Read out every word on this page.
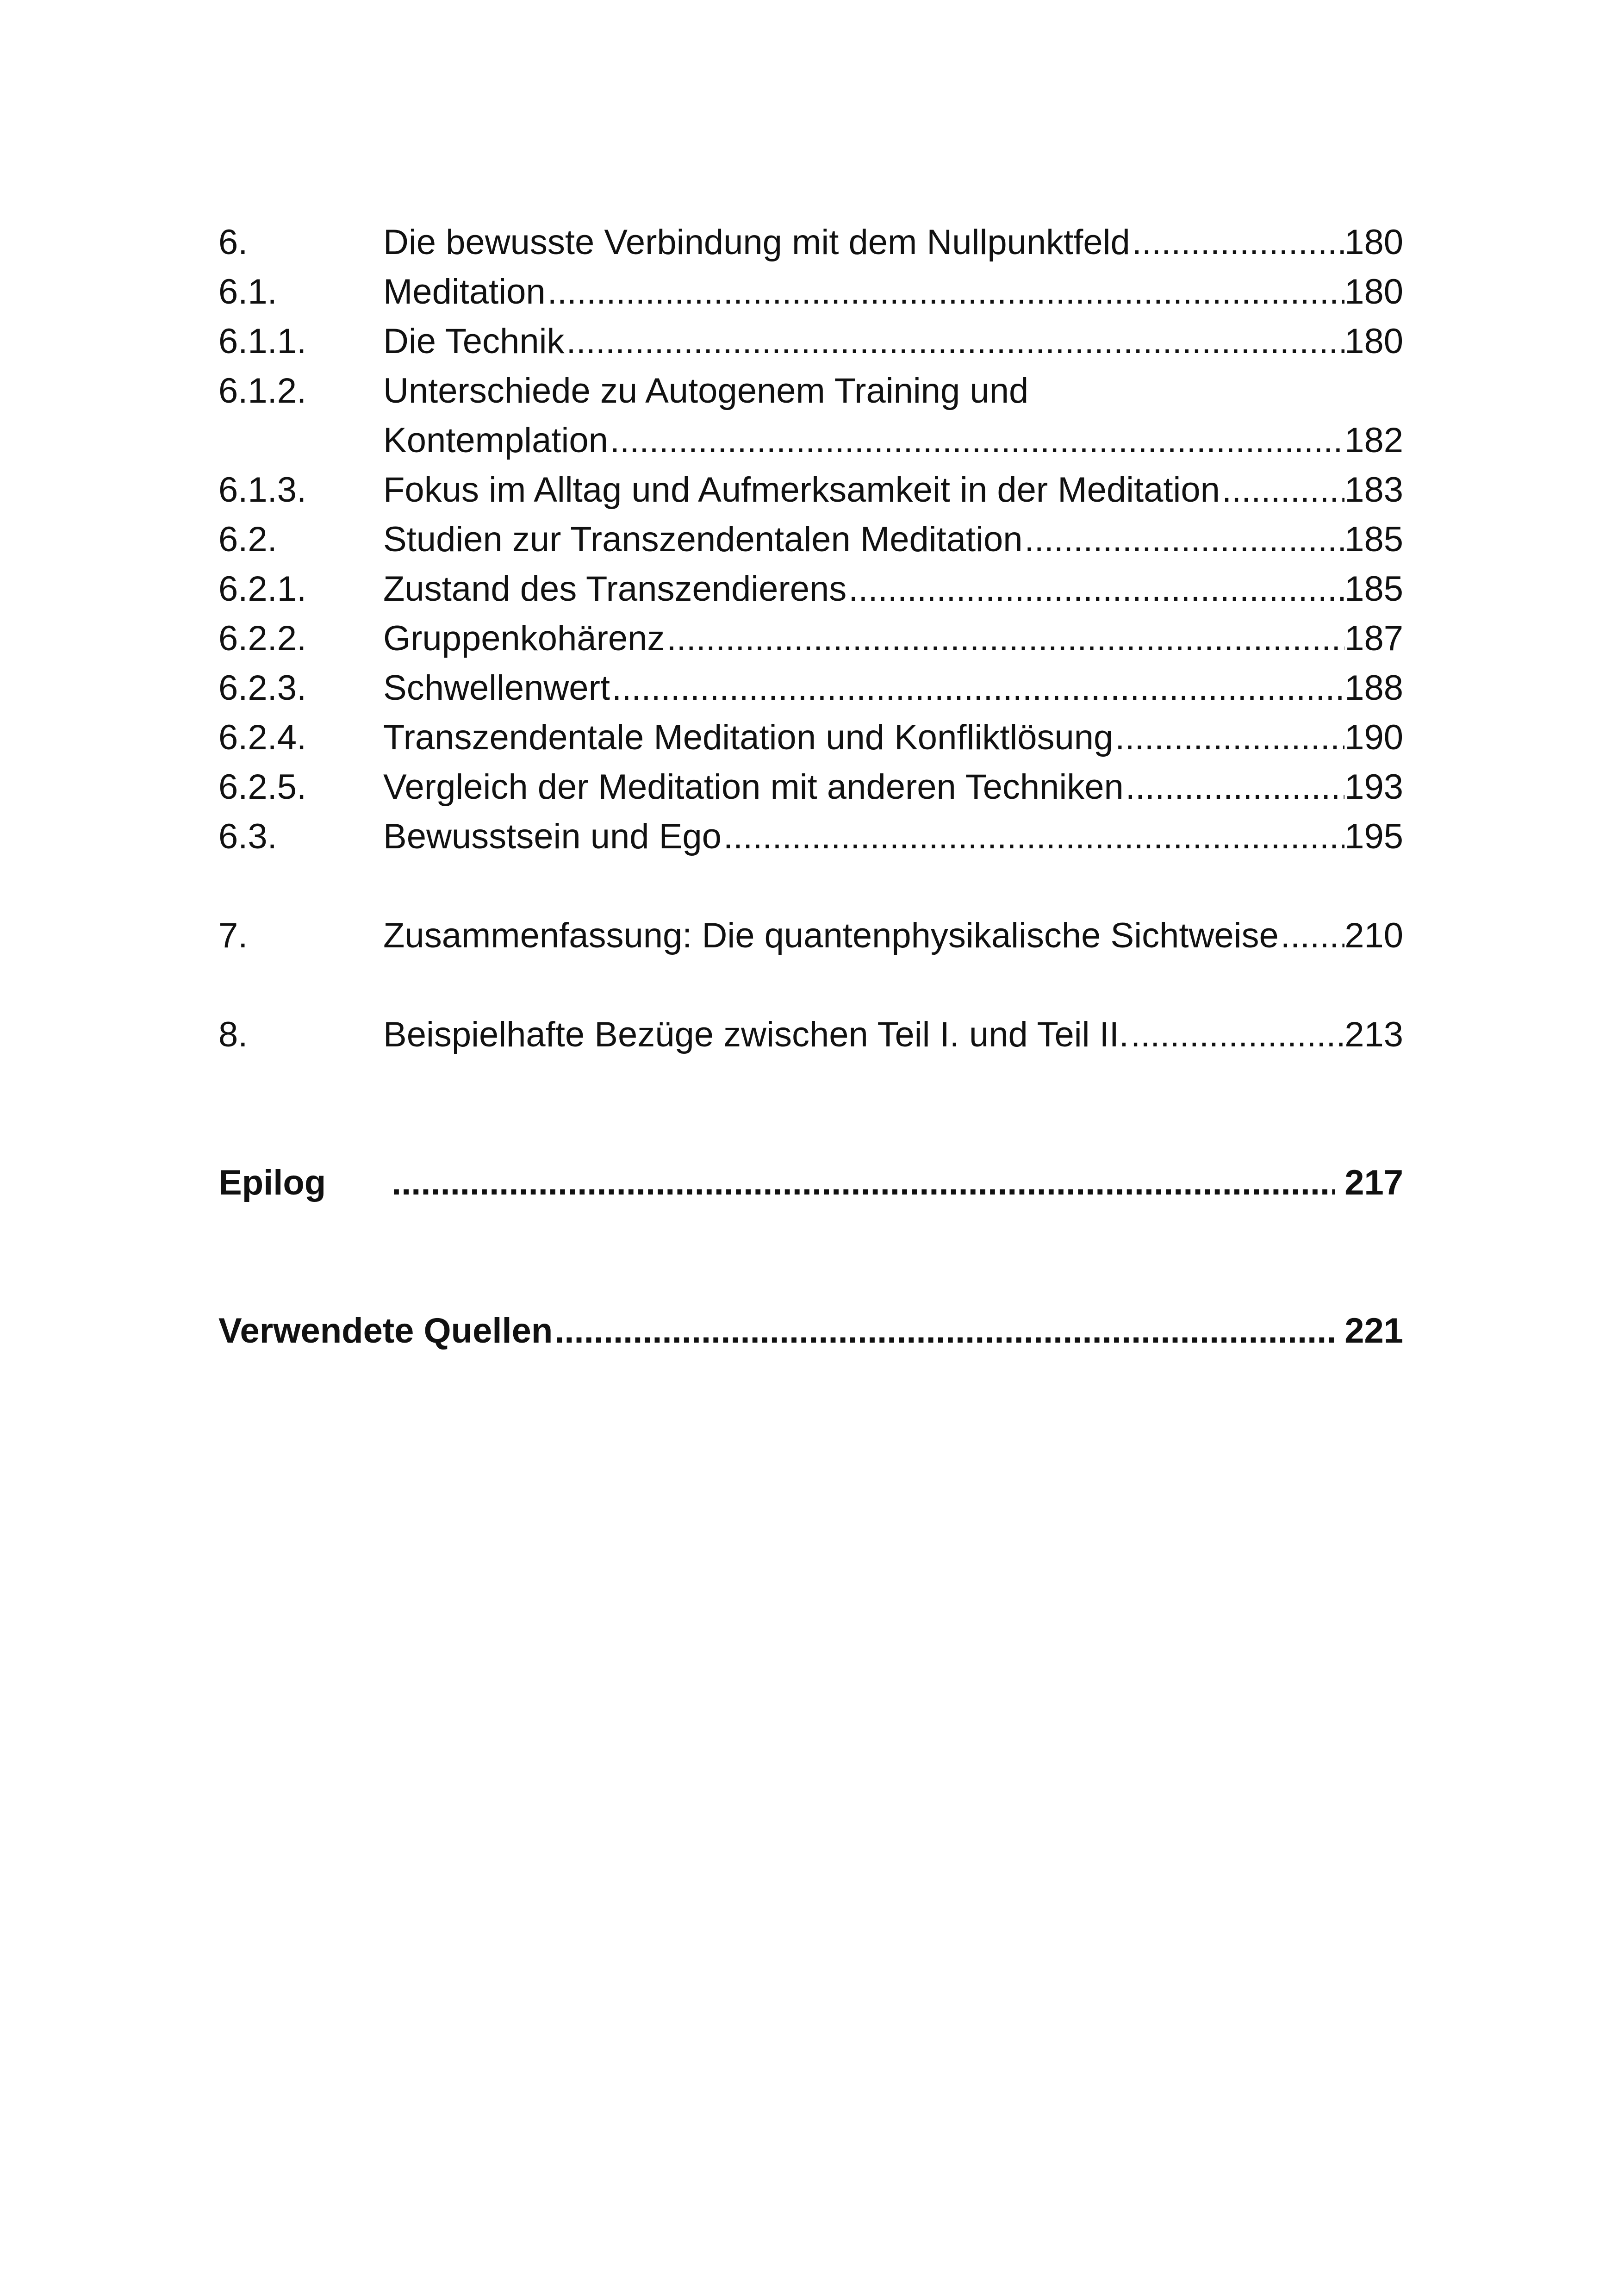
6.	Die bewusste Verbindung mit dem Nullpunktfeld .....	180
6.1.	Meditation .....	180
6.1.1.	Die Technik .....	180
6.1.2.	Unterschiede zu Autogenem Training und
Kontemplation .....	182
6.1.3.	Fokus im Alltag und Aufmerksamkeit in der Meditation .....	183
6.2.	Studien zur Transzendentalen Meditation .....	185
6.2.1.	Zustand des Transzendierens .....	185
6.2.2.	Gruppenkohärenz .....	187
6.2.3.	Schwellenwert .....	188
6.2.4.	Transzendentale Meditation und Konfliktlösung .....	190
6.2.5.	Vergleich der Meditation mit anderen Techniken .....	193
6.3.	Bewusstsein und Ego .....	195
7.	Zusammenfassung: Die quantenphysikalische Sichtweise ..... 210
8.	Beispielhafte Bezüge zwischen Teil I. und Teil II. .....	213
Epilog .....	217
Verwendete Quellen .....	221
